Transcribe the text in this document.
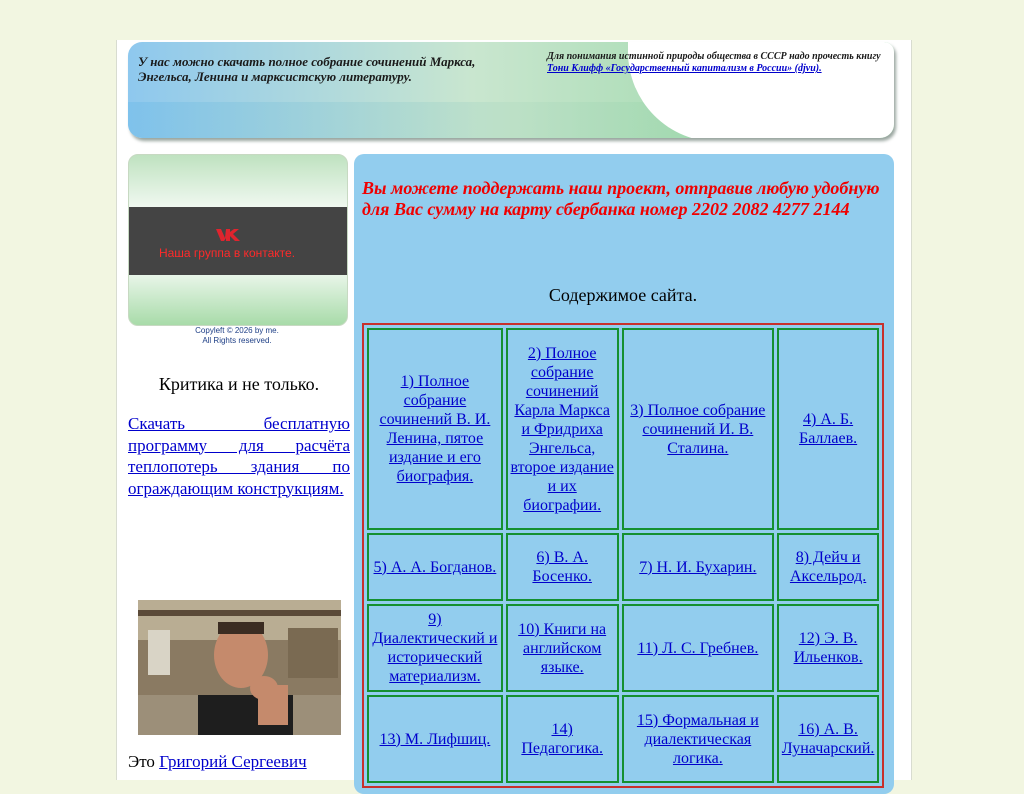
У нас можно скачать полное собрание сочинений Маркса, Энгельса, Ленина и марксистскую литературу.
Для понимания истинной природы общества в СССР надо прочесть книгу
Тони Клифф «Государственный капитализм в России» (djvu).
Designed by me.
Наша группа в контакте.
Copyleft © 2026 by me.
All Rights reserved.
Критика и не только.
Скачать бесплатную программу для расчёта теплопотерь здания по ограждающим конструкциям.
Это Григорий Сергеевич
Вы можете поддержать наш проект, отправив любую удобную для Вас сумму на карту сбербанка номер 2202 2082 4277 2144
Содержимое сайта.
1) Полное собрание сочинений В. И. Ленина, пятое издание и его биография.	2) Полное собрание сочинений Карла Маркса и Фридриха Энгельса, второе издание и их биографии.	3) Полное собрание сочинений И. В. Сталина.	4) А. Б. Баллаев.
5) А. А. Богданов.	6) В. А. Босенко.	7) Н. И. Бухарин.	8) Дейч и Аксельрод.
9) Диалектический и исторический материализм.	10) Книги на английском языке.	11) Л. С. Гребнев.	12) Э. В. Ильенков.
13) М. Лифшиц.	14) Педагогика.	15) Формальная и диалектическая логика.	16) А. В. Луначарский.
